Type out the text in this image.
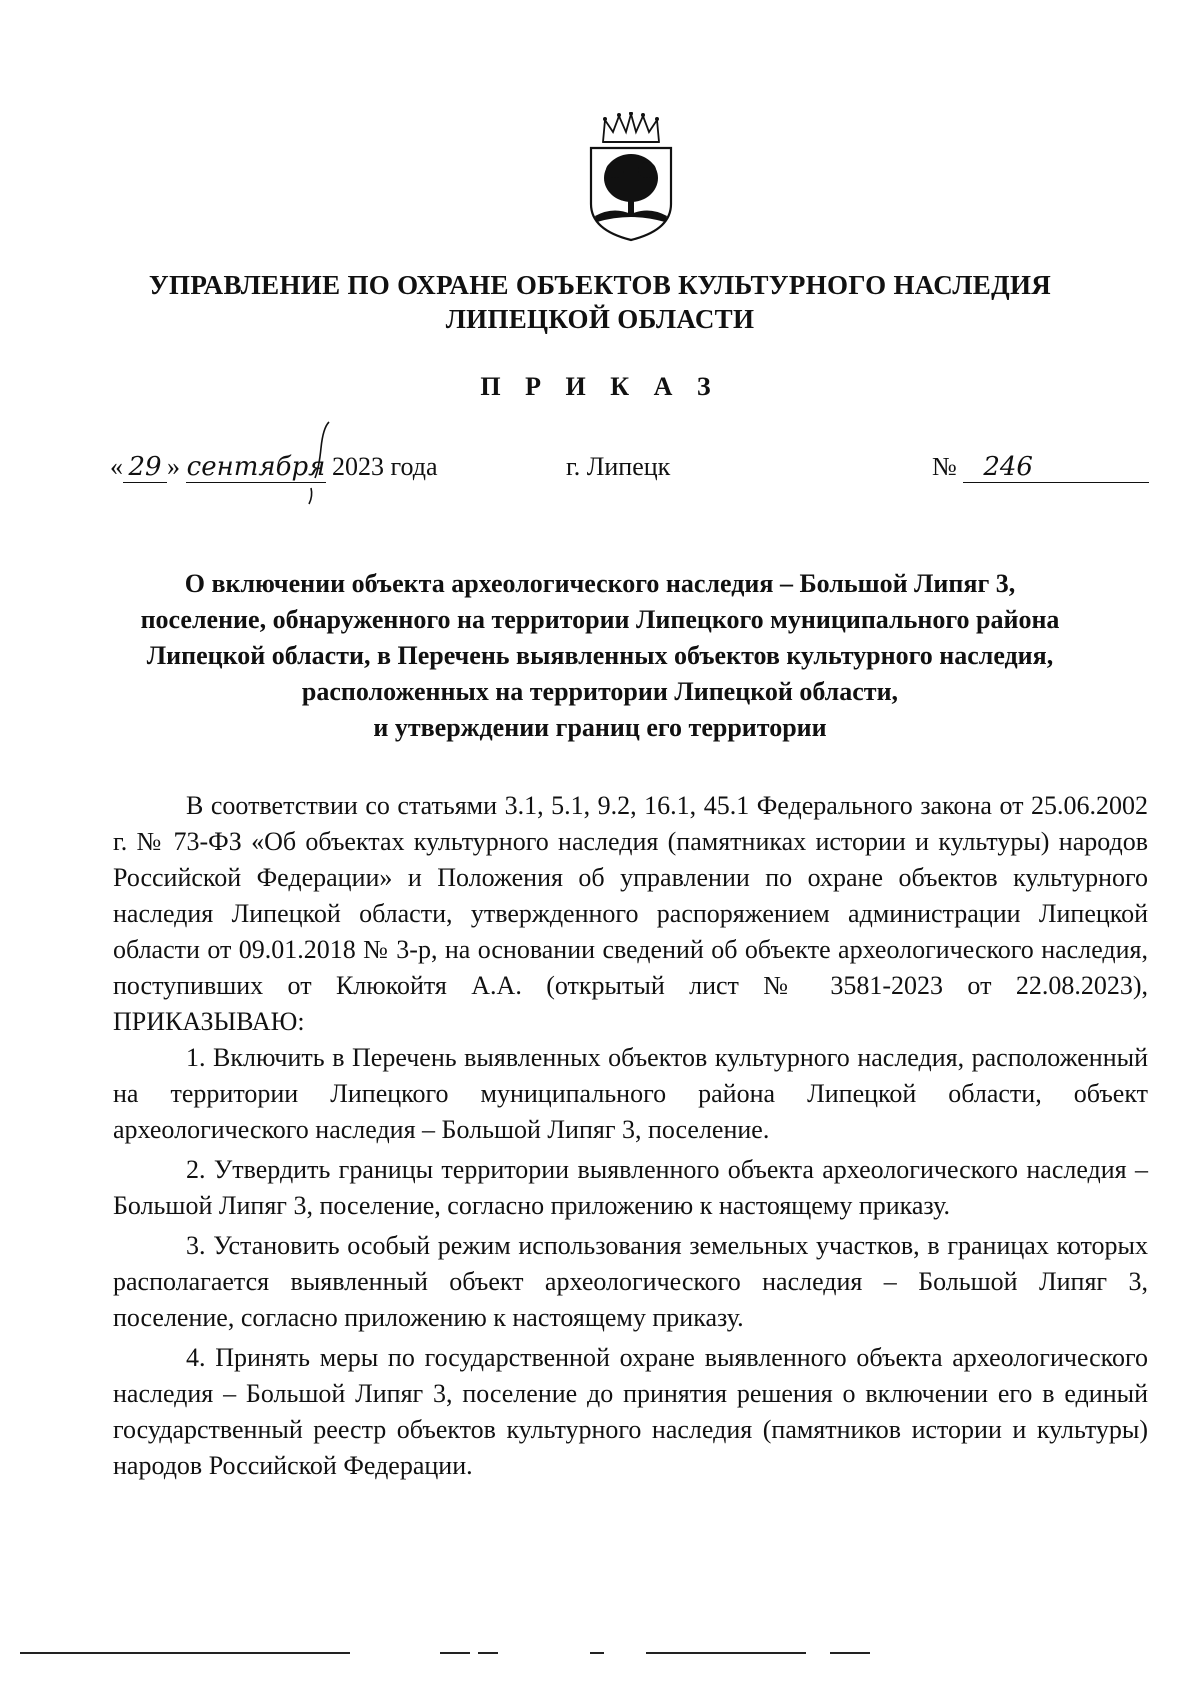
УПРАВЛЕНИЕ ПО ОХРАНЕ ОБЪЕКТОВ КУЛЬТУРНОГО НАСЛЕДИЯ
ЛИПЕЦКОЙ ОБЛАСТИ
П Р И К А З
« 29 » сентября 2023 года	г. Липецк	№ 246
О включении объекта археологического наследия – Большой Липяг 3,
поселение, обнаруженного на территории Липецкого муниципального района
Липецкой области, в Перечень выявленных объектов культурного наследия,
расположенных на территории Липецкой области,
и утверждении границ его территории

В соответствии со статьями 3.1, 5.1, 9.2, 16.1, 45.1 Федерального закона от 25.06.2002 г. № 73-ФЗ «Об объектах культурного наследия (памятниках истории и культуры) народов Российской Федерации» и Положения об управлении по охране объектов культурного наследия Липецкой области, утвержденного распоряжением администрации Липецкой области от 09.01.2018 № 3-р, на основании сведений об объекте археологического наследия, поступивших от Клюкойтя А.А. (открытый лист № 3581-2023 от 22.08.2023), ПРИКАЗЫВАЮ:

1. Включить в Перечень выявленных объектов культурного наследия, расположенный на территории Липецкого муниципального района Липецкой области, объект археологического наследия – Большой Липяг 3, поселение.

2. Утвердить границы территории выявленного объекта археологического наследия – Большой Липяг 3, поселение, согласно приложению к настоящему приказу.

3. Установить особый режим использования земельных участков, в границах которых располагается выявленный объект археологического наследия – Большой Липяг 3, поселение, согласно приложению к настоящему приказу.

4. Принять меры по государственной охране выявленного объекта археологического наследия – Большой Липяг 3, поселение до принятия решения о включении его в единый государственный реестр объектов культурного наследия (памятников истории и культуры) народов Российской Федерации.
